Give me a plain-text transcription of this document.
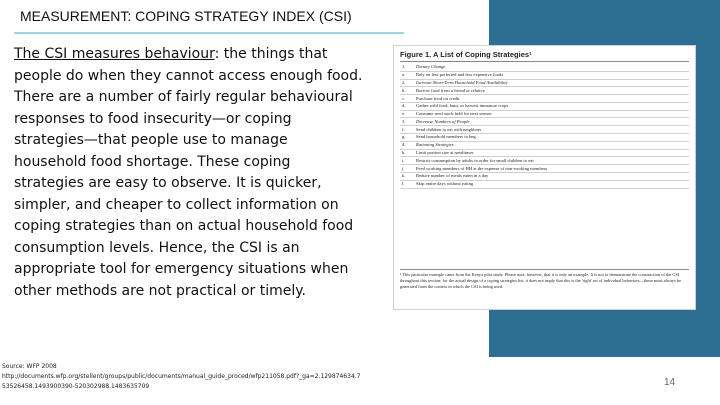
MEASUREMENT: COPING STRATEGY INDEX (CSI)
The CSI measures behaviour: the things that people do when they cannot access enough food. There are a number of fairly regular behavioural responses to food insecurity—or coping strategies—that people use to manage household food shortage. These coping strategies are easy to observe. It is quicker, simpler, and cheaper to collect information on coping strategies than on actual household food consumption levels. Hence, the CSI is an appropriate tool for emergency situations when other methods are not practical or timely.
Figure 1. A List of Coping Strategies¹
1.	Dietary Change
a.	Rely on less preferred and less expensive foods
2.	Increase Short-Term Household Food Availability
b.	Borrow food from a friend or relative
c.	Purchase food on credit
d.	Gather wild food, hunt, or harvest immature crops
e.	Consume seed stock held for next season
3.	Decrease Numbers of People
f.	Send children to eat with neighbors
g.	Send household members to beg
4.	Rationing Strategies
h.	Limit portion size at mealtimes
i.	Restrict consumption by adults in order for small children to eat
j.	Feed working members of HH at the expense of non-working members
k.	Reduce number of meals eaten in a day
l.	Skip entire days without eating
¹ This particular example came from the Kenya pilot study. Please note, however, that it is only an example. It is not to demonstrate the construction of the CSI throughout this section; for the actual design of a coping strategies list, it does not imply that this is the 'right' set of individual behaviors—these must always be generated from the context in which the CSI is being used.
Source: WFP 2008
http://documents.wfp.org/stellent/groups/public/documents/manual_guide_proced/wfp211058.pdf?_ga=2.129874634.7
53526458.1493900390-520302988.1483635709	14
